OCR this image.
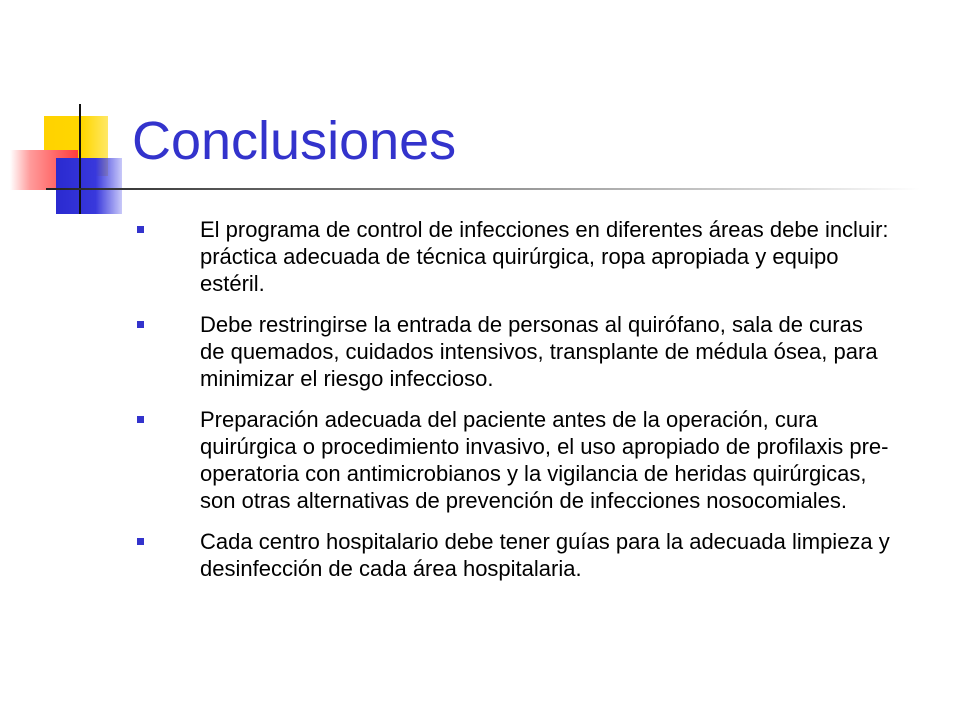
Conclusiones
El programa de control de infecciones en diferentes áreas debe incluir: práctica adecuada de técnica quirúrgica, ropa apropiada y equipo estéril.
Debe restringirse la entrada de personas al quirófano, sala de curas de quemados, cuidados intensivos, transplante de médula ósea, para minimizar el riesgo infeccioso.
Preparación adecuada del paciente antes de la operación, cura quirúrgica o procedimiento invasivo, el uso apropiado de profilaxis pre-operatoria con antimicrobianos y la vigilancia de heridas quirúrgicas, son otras alternativas de prevención de infecciones nosocomiales.
Cada centro hospitalario debe tener guías para la adecuada limpieza y desinfección de cada área hospitalaria.
